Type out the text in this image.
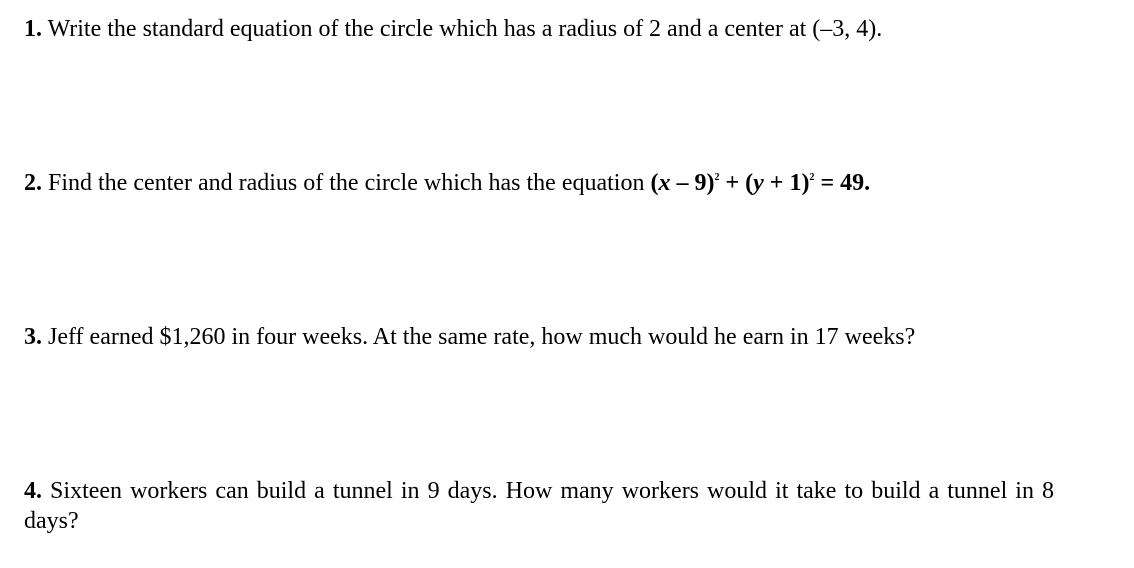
1. Write the standard equation of the circle which has a radius of 2 and a center at (–3, 4).
2. Find the center and radius of the circle which has the equation $(x - 9)^2 + (y + 1)^2 = 49$.
3. Jeff earned $1,260 in four weeks. At the same rate, how much would he earn in 17 weeks?
4. Sixteen workers can build a tunnel in 9 days. How many workers would it take to build a tunnel in 8 days?
